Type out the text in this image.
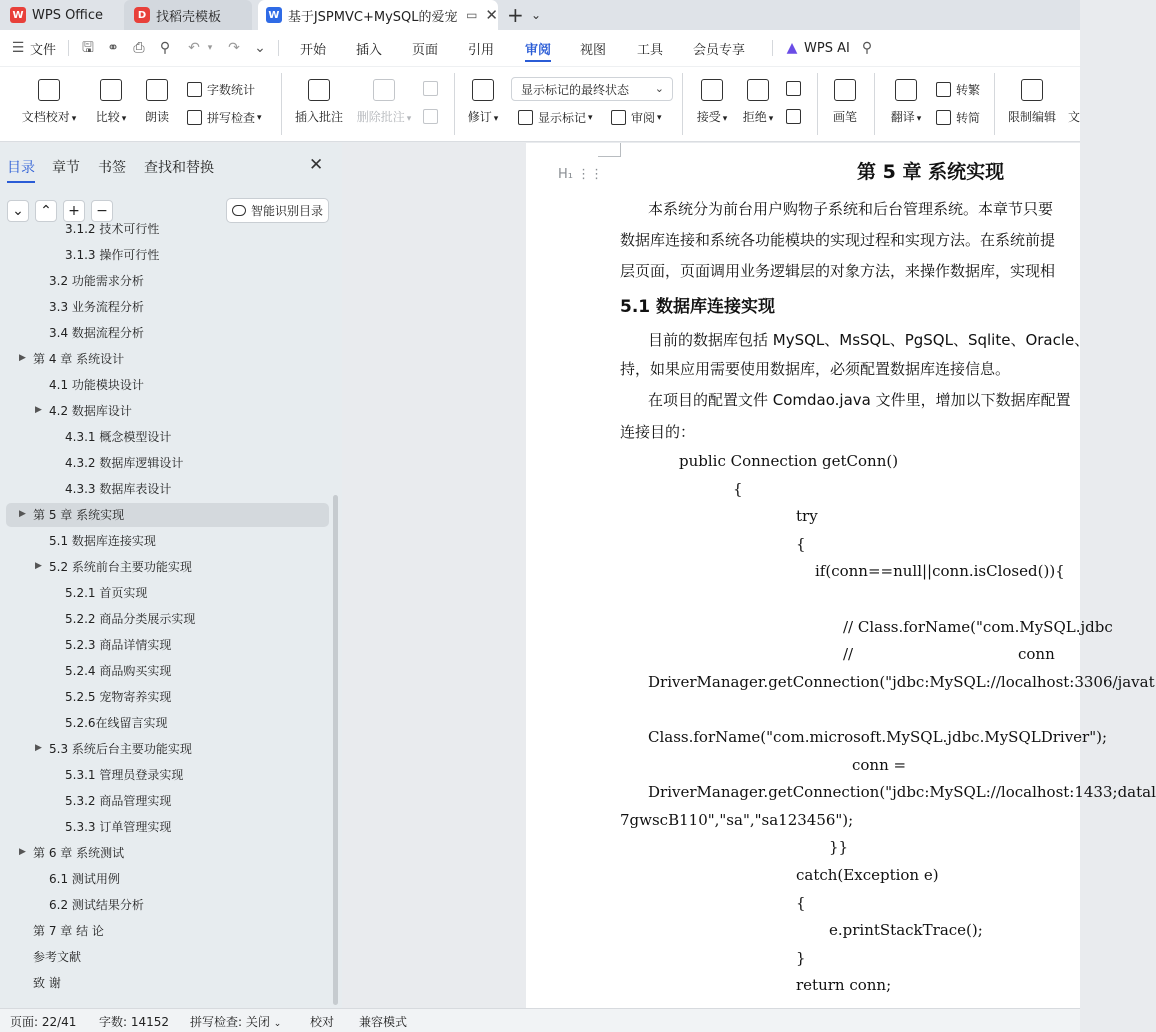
W WPS Office	D 找稻壳模板	W 基于JSPMVC+MySQL的爱宠 ▭ ✕ + ⌄
☰ 文件 🖫 ⚭ ⎙ ⚲ ↶ ▾	↷ ⌄	开始 插入 页面 引用 审阅 视图 工具 会员专享	▲ WPS AI ⚲
文档校对 ▾ 比较 ▾ 朗读
字数统计
拼写检查 ▾	插入批注 删除批注 ▾	修订 ▾
显示标记的最终状态 ⌄
显示标记 ▾	审阅 ▾	接受 ▾ 拒绝 ▾	画笔	翻译 ▾
转繁
转简 限制编辑 文
目录 章节 书签 查找和替换	✕
⌄	⌃	+	−	智能识别目录
3.1.2 技术可行性
3.1.3 操作可行性
3.2 功能需求分析
3.3 业务流程分析
3.4 数据流程分析
▶ 第 4 章 系统设计
4.1 功能模块设计
▶ 4.2 数据库设计
4.3.1 概念模型设计
4.3.2 数据库逻辑设计
4.3.3 数据库表设计
第 5 章 系统实现
▶
5.1 数据库连接实现
▶ 5.2 系统前台主要功能实现
5.2.1 首页实现
5.2.2 商品分类展示实现
5.2.3 商品详情实现
5.2.4 商品购买实现
5.2.5 宠物寄养实现
5.2.6在线留言实现
▶ 5.3 系统后台主要功能实现
5.3.1 管理员登录实现
5.3.2 商品管理实现
5.3.3 订单管理实现
▶ 第 6 章 系统测试
6.1 测试用例
6.2 测试结果分析
第 7 章 结 论
参考文献
致 谢
第 5 章 系统实现
本系统分为前台用户购物子系统和后台管理系统。本章节只要
数据库连接和系统各功能模块的实现过程和实现方法。在系统前提
层页面，页面调用业务逻辑层的对象方法，来操作数据库，实现相
5.1 数据库连接实现
目前的数据库包括 MySQL、MsSQL、PgSQL、Sqlite、Oracle、
持，如果应用需要使用数据库，必须配置数据库连接信息。
在项目的配置文件 Comdao.java 文件里，增加以下数据库配置
连接目的：
public Connection getConn()
{
try
{
if(conn==null||conn.isClosed()){
// Class.forName("com.MySQL.jdbc
//	conn
DriverManager.getConnection("jdbc:MySQL://localhost:3306/javat
Class.forName("com.microsoft.MySQL.jdbc.MySQLDriver");
conn =
DriverManager.getConnection("jdbc:MySQL://localhost:1433;datal
7gwscB110","sa","sa123456");
}}
catch(Exception e)
{
e.printStackTrace();
}
return conn;
H₁ ⋮⋮
页面: 22/41 字数: 14152 拼写检查: 关闭 ⌄ 校对 兼容模式
